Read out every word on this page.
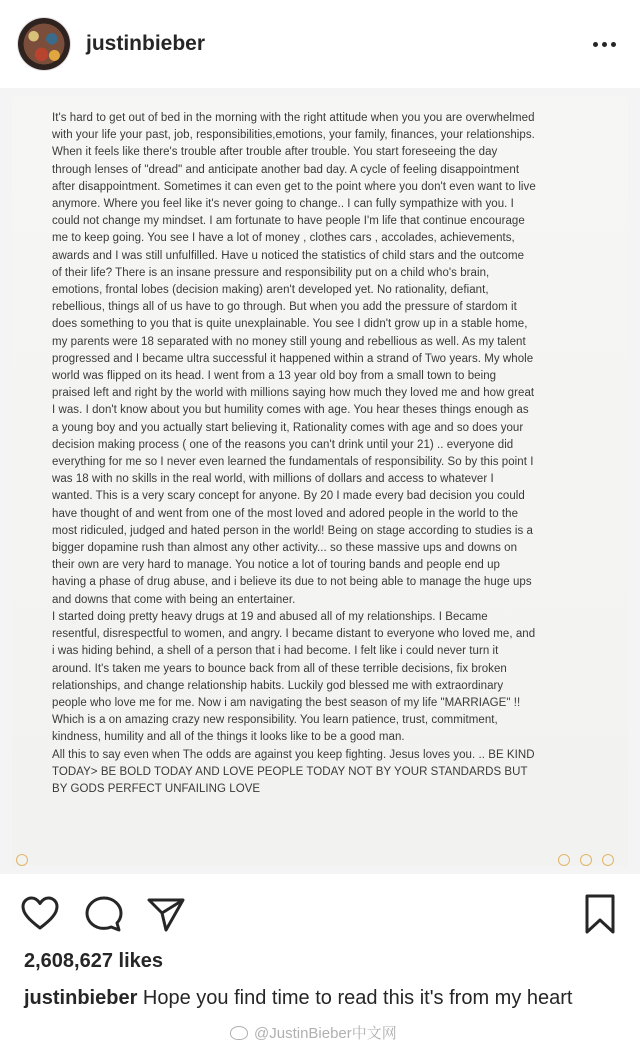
justinbieber

It's hard to get out of bed in the morning with the right attitude when you you are overwhelmed with your life your past, job, responsibilities,emotions, your family, finances, your relationships. When it feels like there's trouble after trouble after trouble. You start foreseeing the day through lenses of "dread" and anticipate another bad day. A cycle of feeling disappointment after disappointment. Sometimes it can even get to the point where you don't even want to live anymore. Where you feel like it's never going to change.. I can fully sympathize with you. I could not change my mindset. I am fortunate to have people I'm life that continue encourage me to keep going. You see I have a lot of money , clothes cars , accolades, achievements, awards and I was still unfulfilled. Have u noticed the statistics of child stars and the outcome of their life? There is an insane pressure and responsibility put on a child who's brain, emotions, frontal lobes (decision making) aren't developed yet. No rationality, defiant, rebellious, things all of us have to go through. But when you add the pressure of stardom it does something to you that is quite unexplainable. You see I didn't grow up in a stable home, my parents were 18 separated with no money still young and rebellious as well. As my talent progressed and I became ultra successful it happened within a strand of Two years. My whole world was flipped on its head. I went from a 13 year old boy from a small town to being praised left and right by the world with millions saying how much they loved me and how great I was. I don't know about you but humility comes with age. You hear theses things enough as a young boy and you actually start believing it, Rationality comes with age and so does your decision making process ( one of the reasons you can't drink until your 21) .. everyone did everything for me so I never even learned the fundamentals of responsibility. So by this point I was 18 with no skills in the real world, with millions of dollars and access to whatever I wanted. This is a very scary concept for anyone. By 20 I made every bad decision you could have thought of and went from one of the most loved and adored people in the world to the most ridiculed, judged and hated person in the world! Being on stage according to studies is a bigger dopamine rush than almost any other activity... so these massive ups and downs on their own are very hard to manage. You notice a lot of touring bands and people end up having a phase of drug abuse, and i believe its due to not being able to manage the huge ups and downs that come with being an entertainer.

I started doing pretty heavy drugs at 19 and abused all of my relationships. I Became resentful, disrespectful to women, and angry. I became distant to everyone who loved me, and i was hiding behind, a shell of a person that i had become. I felt like i could never turn it around. It's taken me years to bounce back from all of these terrible decisions, fix broken relationships, and change relationship habits. Luckily god blessed me with extraordinary people who love me for me. Now i am navigating the best season of my life "MARRIAGE" !! Which is a on amazing crazy new responsibility. You learn patience, trust, commitment, kindness, humility and all of the things it looks like to be a good man.

All this to say even when The odds are against you keep fighting. Jesus loves you. .. BE KIND TODAY> BE BOLD TODAY AND LOVE PEOPLE TODAY NOT BY YOUR STANDARDS BUT BY GODS PERFECT UNFAILING LOVE

2,608,627 likes
justinbieber Hope you find time to read this it's from my heart
@JustinBieber中文网
